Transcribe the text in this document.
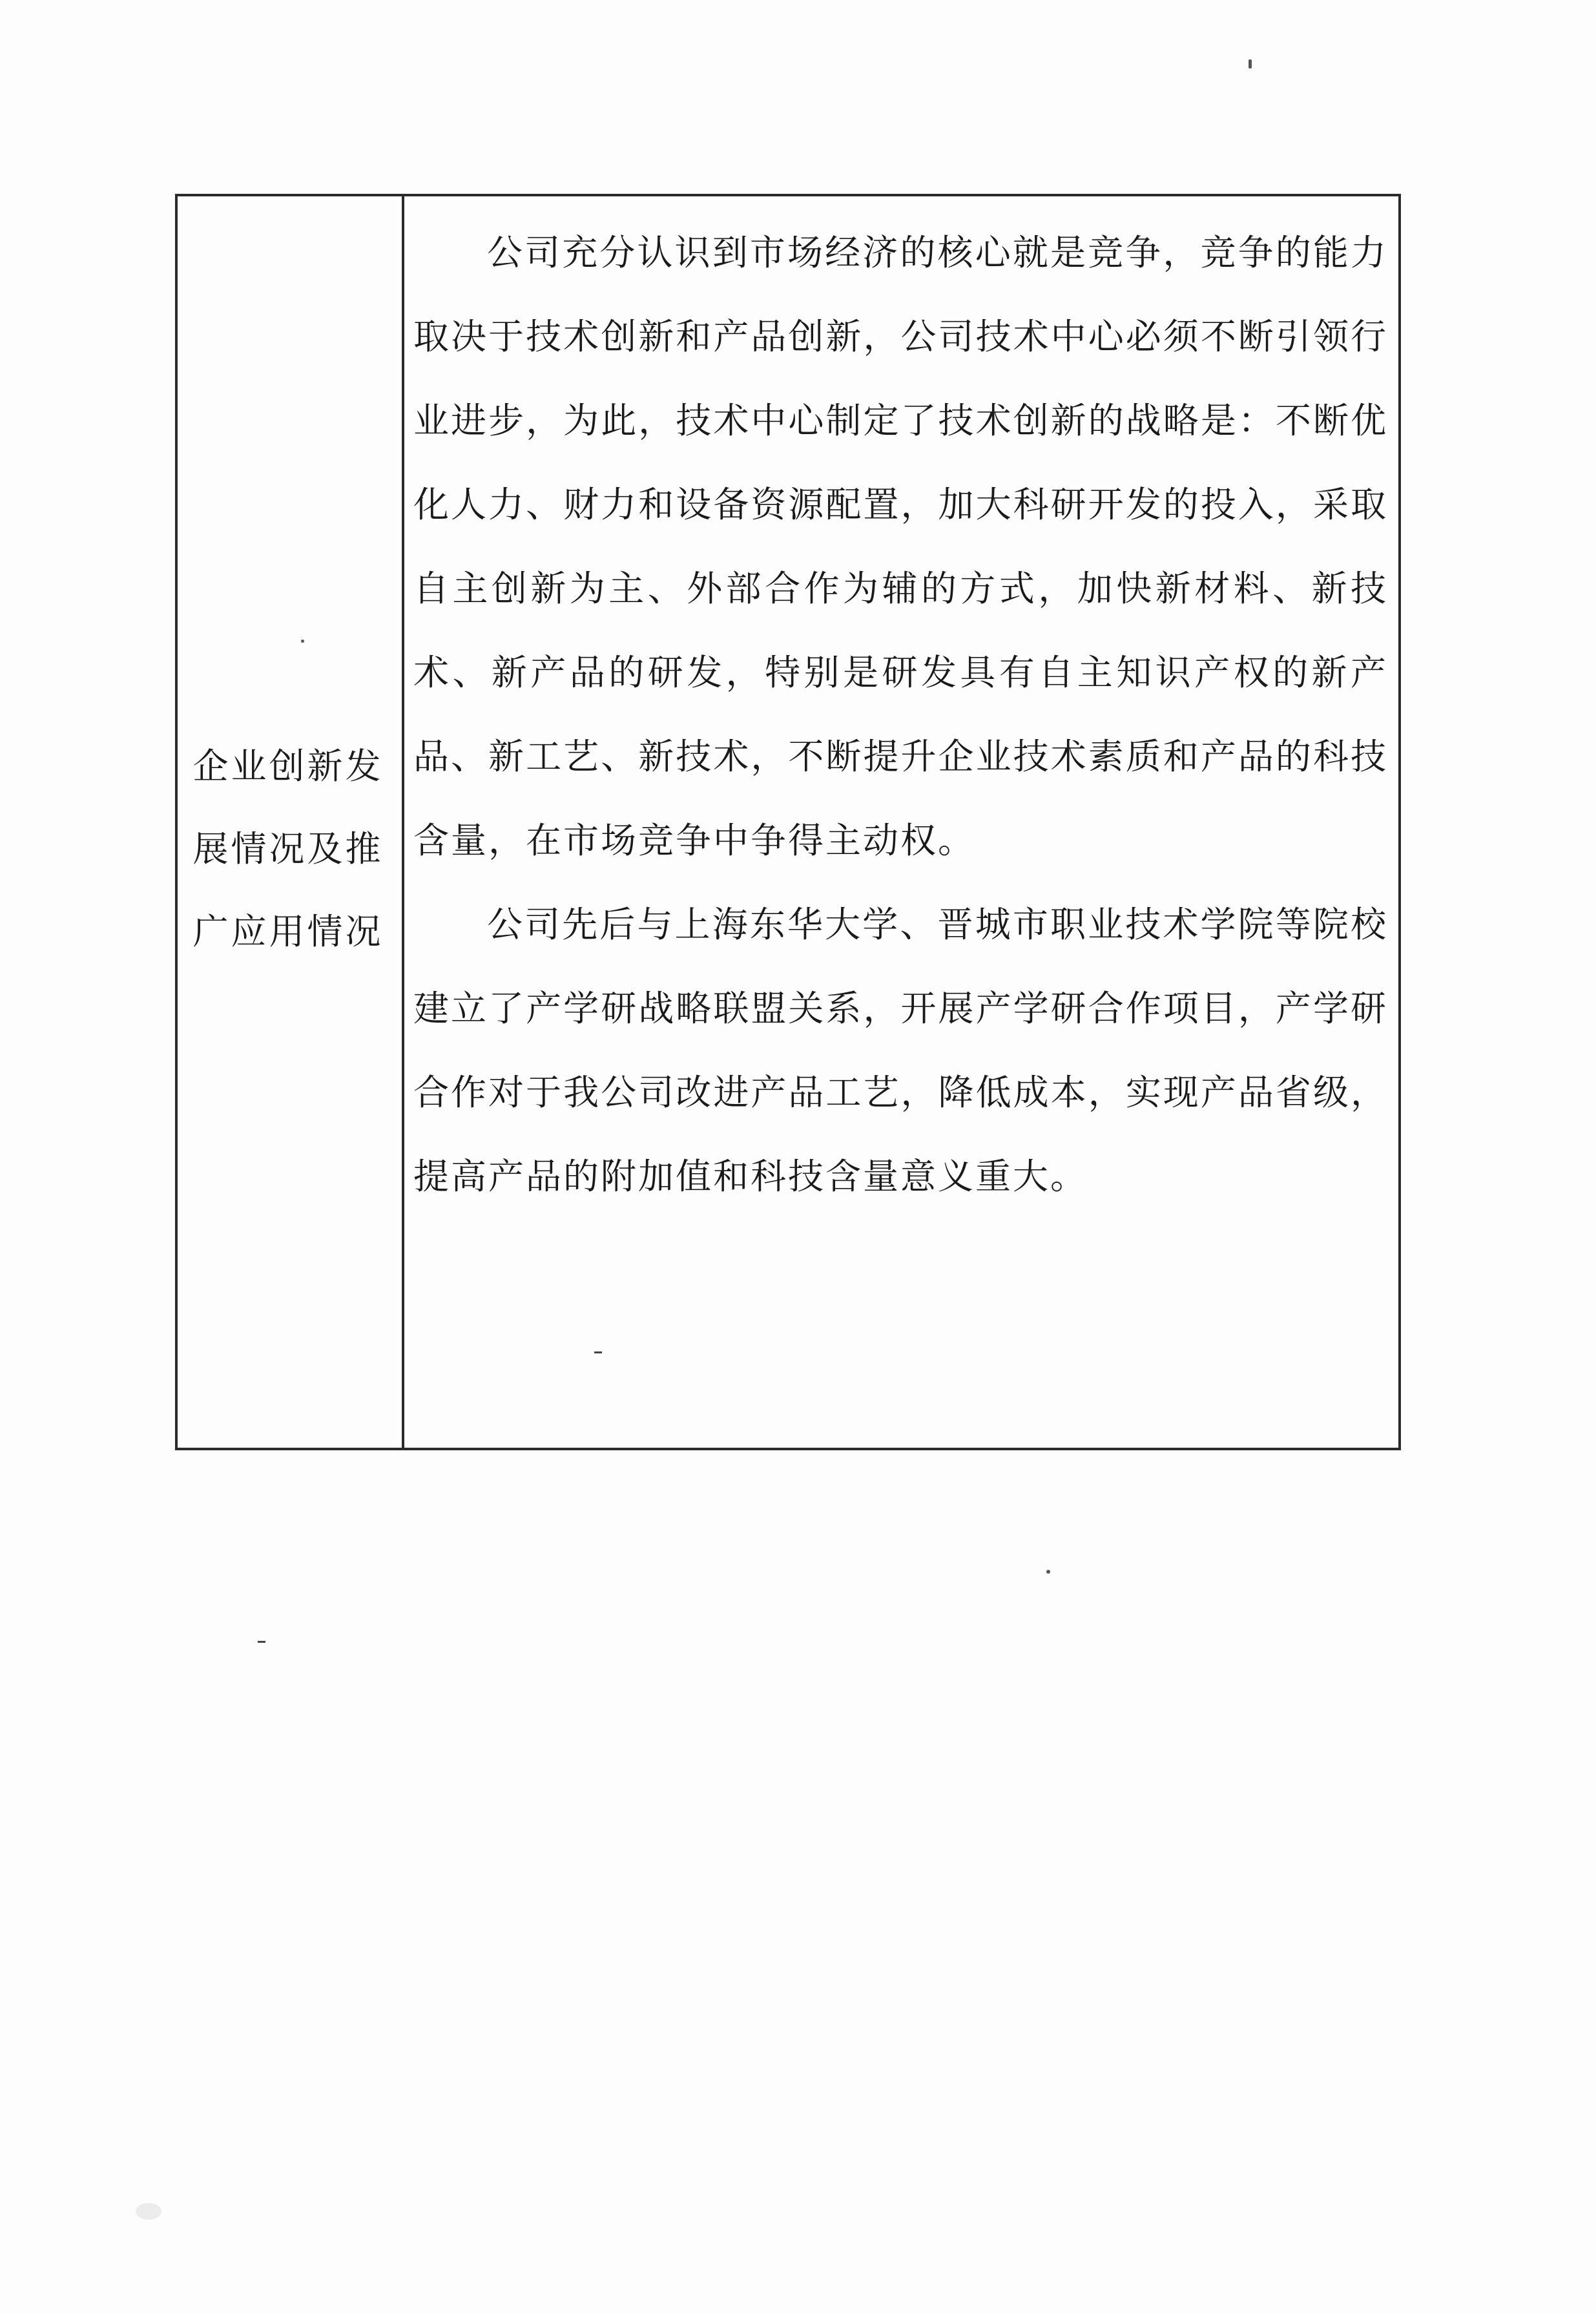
企业创新发展情况及推广应用情况

公司充分认识到市场经济的核心就是竞争，竞争的能力取决于技术创新和产品创新，公司技术中心必须不断引领行业进步，为此，技术中心制定了技术创新的战略是：不断优化人力、财力和设备资源配置，加大科研开发的投入，采取自主创新为主、外部合作为辅的方式，加快新材料、新技术、新产品的研发，特别是研发具有自主知识产权的新产品、新工艺、新技术，不断提升企业技术素质和产品的科技含量，在市场竞争中争得主动权。

公司先后与上海东华大学、晋城市职业技术学院等院校建立了产学研战略联盟关系，开展产学研合作项目，产学研合作对于我公司改进产品工艺，降低成本，实现产品省级，提高产品的附加值和科技含量意义重大。
